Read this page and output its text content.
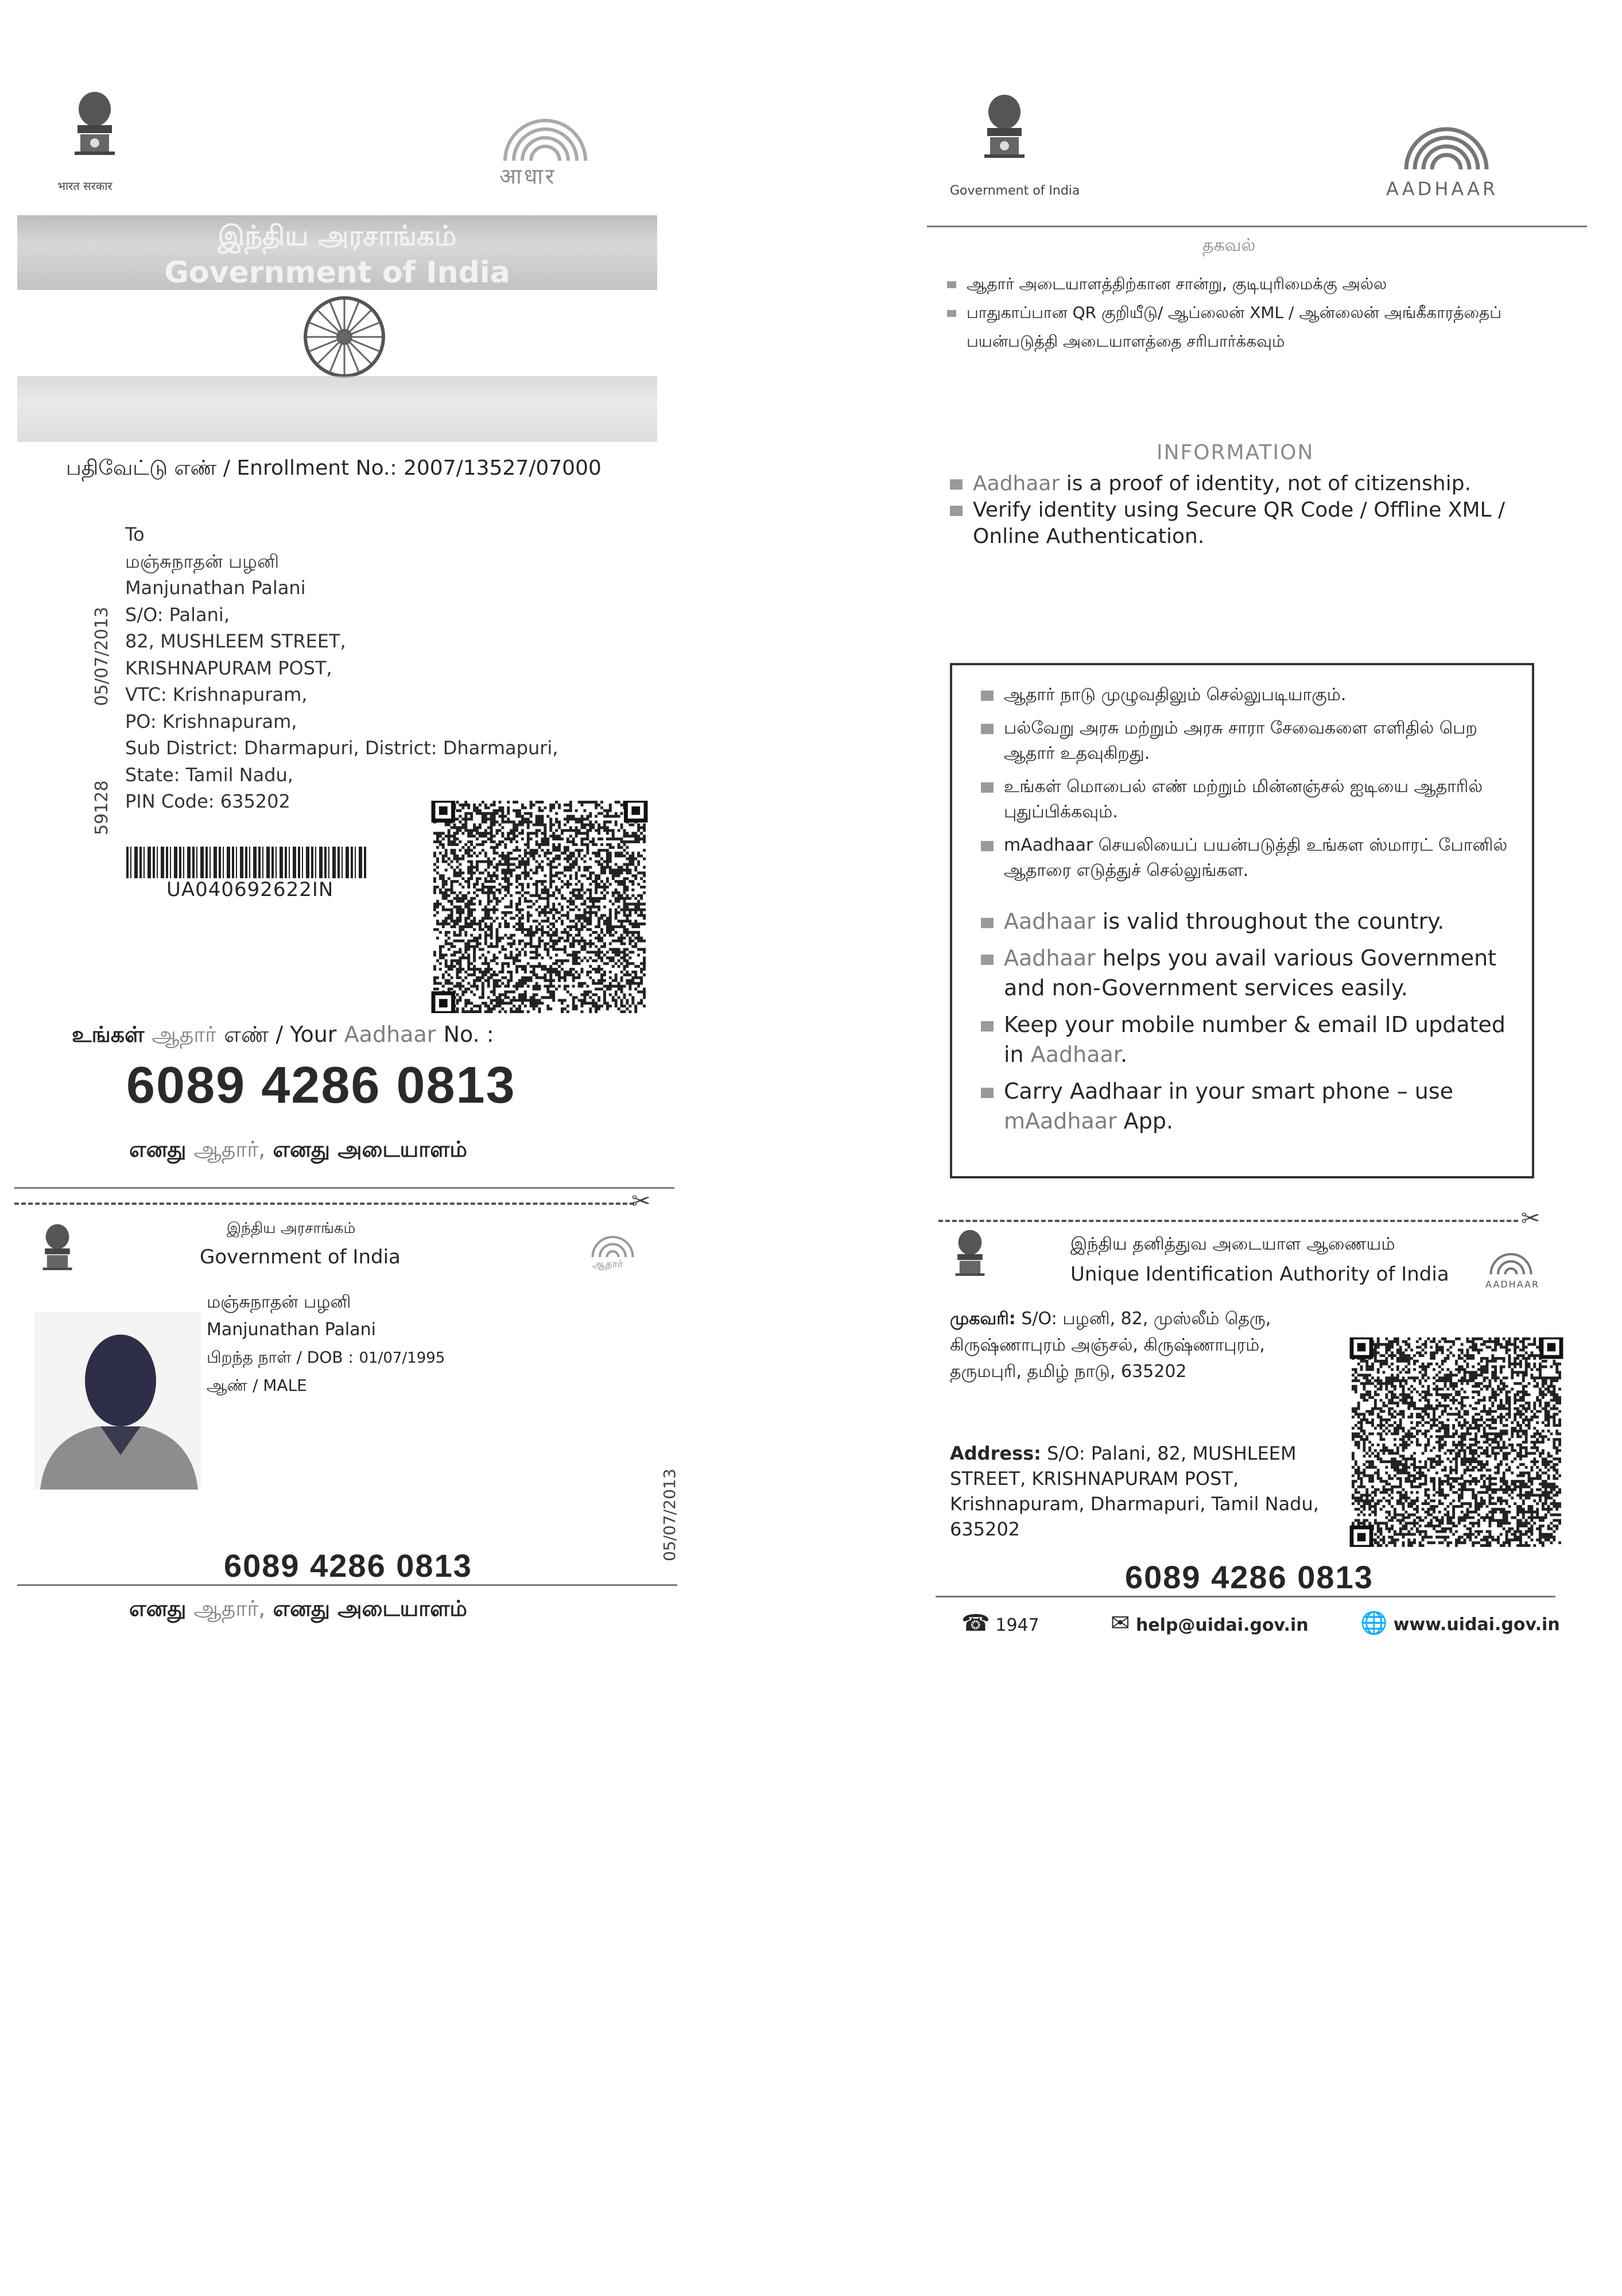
भारत सरकार	आधार
இந்திய அரசாங்கம்
Government of India
பதிவேட்டு எண் / Enrollment No.: 2007/13527/07000
To
மஞ்சுநாதன் பழனி
Manjunathan Palani
S/O: Palani,
82, MUSHLEEM STREET,
KRISHNAPURAM POST,
VTC: Krishnapuram,
PO: Krishnapuram,
Sub District: Dharmapuri, District: Dharmapuri,
State: Tamil Nadu,
PIN Code: 635202
05/07/2013
59128
UA040692622IN
உங்கள் ஆதார் எண் / Your Aadhaar No. :
6089 4286 0813
எனது ஆதார், எனது அடையாளம்
Government of India	AADHAAR
தகவல்
ஆதார் அடையாளத்திற்கான சான்று, குடியுரிமைக்கு அல்ல
பாதுகாப்பான QR குறியீடு/ ஆப்லைன் XML / ஆன்லைன் அங்கீகாரத்தைப் பயன்படுத்தி அடையாளத்தை சரிபார்க்கவும்
INFORMATION
Aadhaar is a proof of identity, not of citizenship.
Verify identity using Secure QR Code / Offline XML / Online Authentication.
ஆதார் நாடு முழுவதிலும் செல்லுபடியாகும்.
பல்வேறு அரசு மற்றும் அரசு சாரா சேவைகளை எளிதில் பெற ஆதார் உதவுகிறது.
உங்கள் மொபைல் எண் மற்றும் மின்னஞ்சல் ஐடியை ஆதாரில் புதுப்பிக்கவும்.
mAadhaar செயலியைப் பயன்படுத்தி உங்கள ஸ்மாரட் போனில் ஆதாரை எடுத்துச் செல்லுங்கள.
Aadhaar is valid throughout the country.
Aadhaar helps you avail various Government and non-Government services easily.
Keep your mobile number & email ID updated in Aadhaar.
Carry Aadhaar in your smart phone – use mAadhaar App.
✂
✂
இந்திய அரசாங்கம்
Government of India	ஆதார்
மஞ்சுநாதன் பழனி
Manjunathan Palani
பிறந்த நாள் / DOB : 01/07/1995
ஆண் / MALE
05/07/2013
6089 4286 0813
எனது ஆதார், எனது அடையாளம்
இந்திய தனித்துவ அடையாள ஆணையம்
Unique Identification Authority of India	AADHAAR
முகவரி: S/O: பழனி, 82, முஸ்லீம் தெரு,
கிருஷ்ணாபுரம் அஞ்சல், கிருஷ்ணாபுரம்,
தருமபுரி, தமிழ் நாடு, 635202
Address: S/O: Palani, 82, MUSHLEEM
STREET, KRISHNAPURAM POST,
Krishnapuram, Dharmapuri, Tamil Nadu,
635202
6089 4286 0813
☎ 1947	✉ help@uidai.gov.in 🌐 www.uidai.gov.in
